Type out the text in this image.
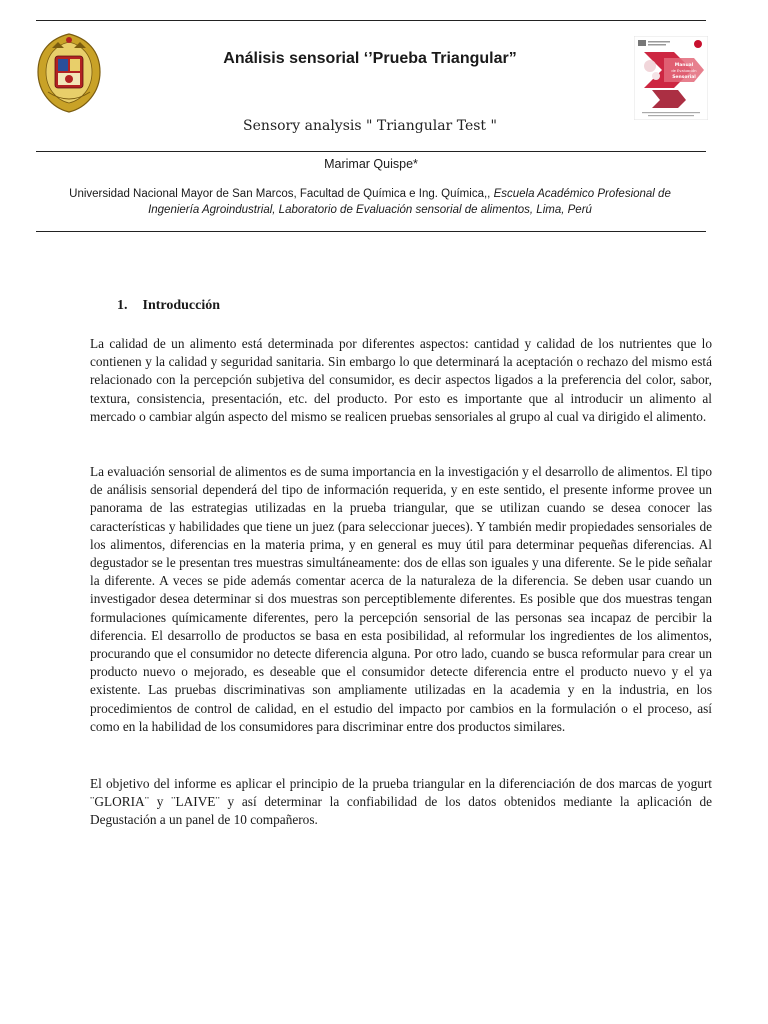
Análisis sensorial ‘’Prueba Triangular”	Manual
de Evaluación
Sensorial
Sensory analysis " Triangular Test "
Marimar Quispe*
Universidad Nacional Mayor de San Marcos, Facultad de Química e Ing. Química,, Escuela Académico Profesional de Ingeniería Agroindustrial, Laboratorio de Evaluación sensorial de alimentos, Lima, Perú
1. Introducción

La calidad de un alimento está determinada por diferentes aspectos: cantidad y calidad de los nutrientes que lo contienen y la calidad y seguridad sanitaria. Sin embargo lo que determinará la aceptación o rechazo del mismo está relacionado con la percepción subjetiva del consumidor, es decir aspectos ligados a la preferencia del color, sabor, textura, consistencia, presentación, etc. del producto. Por esto es importante que al introducir un alimento al mercado o cambiar algún aspecto del mismo se realicen pruebas sensoriales al grupo al cual va dirigido el alimento.

La evaluación sensorial de alimentos es de suma importancia en la investigación y el desarrollo de alimentos. El tipo de análisis sensorial dependerá del tipo de información requerida, y en este sentido, el presente informe provee un panorama de las estrategias utilizadas en la prueba triangular, que se utilizan cuando se desea conocer las características y habilidades que tiene un juez (para seleccionar jueces). Y también medir propiedades sensoriales de los alimentos, diferencias en la materia prima, y en general es muy útil para determinar pequeñas diferencias. Al degustador se le presentan tres muestras simultáneamente: dos de ellas son iguales y una diferente. Se le pide señalar la diferente. A veces se pide además comentar acerca de la naturaleza de la diferencia. Se deben usar cuando un investigador desea determinar si dos muestras son perceptiblemente diferentes. Es posible que dos muestras tengan formulaciones químicamente diferentes, pero la percepción sensorial de las personas sea incapaz de percibir la diferencia. El desarrollo de productos se basa en esta posibilidad, al reformular los ingredientes de los alimentos, procurando que el consumidor no detecte diferencia alguna. Por otro lado, cuando se busca reformular para crear un producto nuevo o mejorado, es deseable que el consumidor detecte diferencia entre el producto nuevo y el ya existente. Las pruebas discriminativas son ampliamente utilizadas en la academia y en la industria, en los procedimientos de control de calidad, en el estudio del impacto por cambios en la formulación o el proceso, así como en la habilidad de los consumidores para discriminar entre dos productos similares.

El objetivo del informe es aplicar el principio de la prueba triangular en la diferenciación de dos marcas de yogurt ¨GLORIA¨ y ¨LAIVE¨ y así determinar la confiabilidad de los datos obtenidos mediante la aplicación de Degustación a un panel de 10 compañeros.
